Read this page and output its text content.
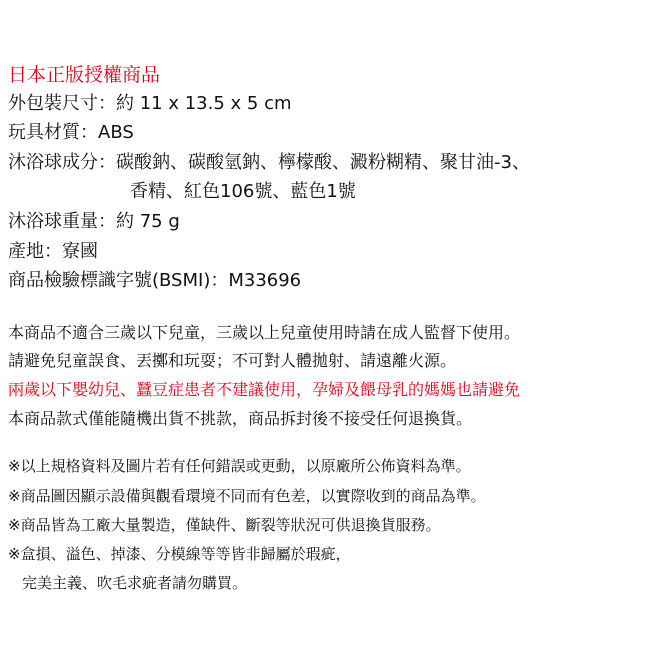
日本正版授權商品
外包裝尺寸：約 11 x 13.5 x 5 cm
玩具材質：ABS
沐浴球成分：碳酸鈉、碳酸氫鈉、檸檬酸、澱粉糊精、聚甘油-3、
香精、紅色106號、藍色1號
沐浴球重量：約 75 g
產地：寮國
商品檢驗標識字號(BSMI)：M33696
本商品不適合三歲以下兒童，三歲以上兒童使用時請在成人監督下使用。
請避免兒童誤食、丟擲和玩耍；不可對人體拋射、請遠離火源。
兩歲以下嬰幼兒、蠶豆症患者不建議使用，孕婦及餵母乳的媽媽也請避免
本商品款式僅能隨機出貨不挑款，商品拆封後不接受任何退換貨。
※以上規格資料及圖片若有任何錯誤或更動，以原廠所公佈資料為準。
※商品圖因顯示設備與觀看環境不同而有色差，以實際收到的商品為準。
※商品皆為工廠大量製造，僅缺件、斷裂等狀況可供退換貨服務。
※盒損、溢色、掉漆、分模線等等皆非歸屬於瑕疵，
完美主義、吹毛求疵者請勿購買。
